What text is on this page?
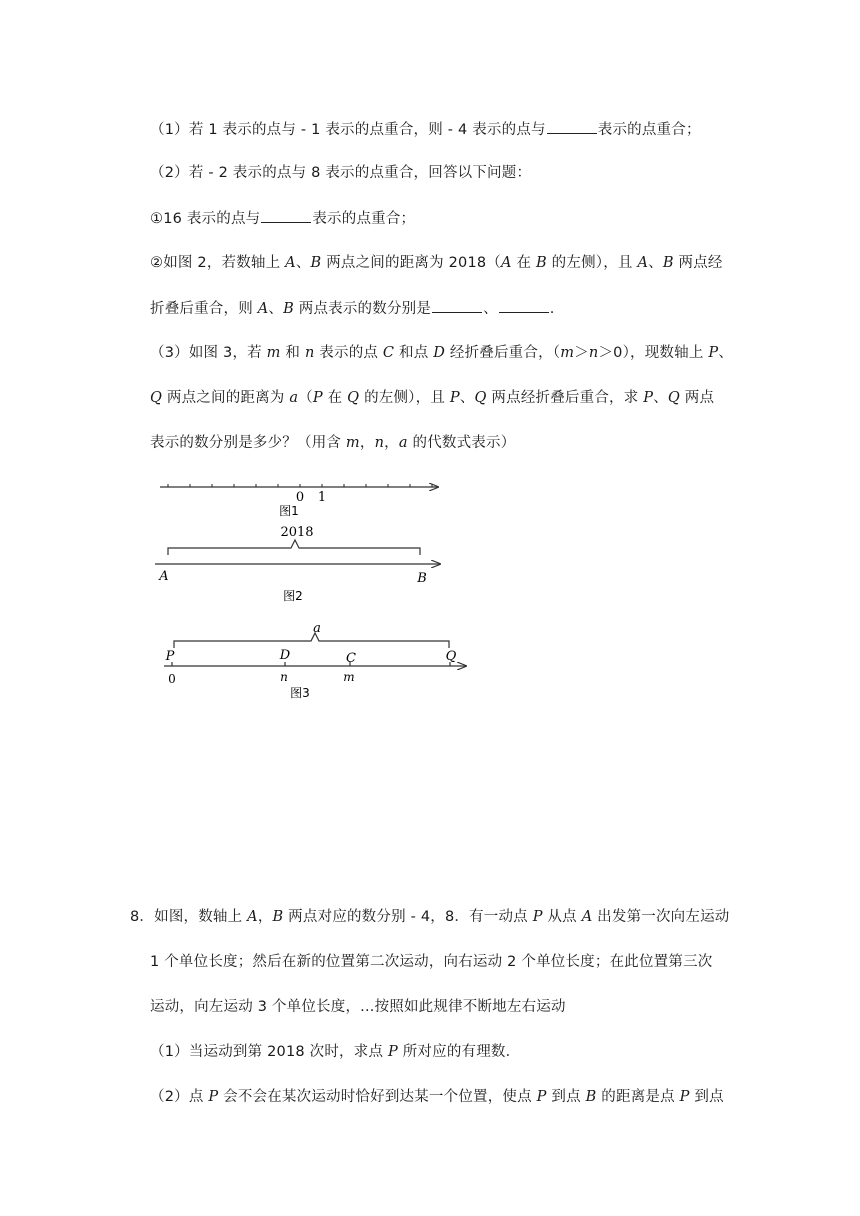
（1）若 1 表示的点与 - 1 表示的点重合，则 - 4 表示的点与	表示的点重合；
（2）若 - 2 表示的点与 8 表示的点重合，回答以下问题：
①16 表示的点与	表示的点重合；
②如图 2，若数轴上 A、B 两点之间的距离为 2018（A 在 B 的左侧），且 A、B 两点经
折叠后重合，则 A、B 两点表示的数分别是	、	.
（3）如图 3，若 m 和 n 表示的点 C 和点 D 经折叠后重合，（m＞n＞0），现数轴上 P、
Q 两点之间的距离为 a（P 在 Q 的左侧），且 P、Q 两点经折叠后重合，求 P、Q 两点
表示的数分别是多少？（用含 m，n，a 的代数式表示）
0 1
图1
2018
A	B
图2
a
P	D	C	Q
0	n	m
图3
8．如图，数轴上 A，B 两点对应的数分别 - 4，8．有一动点 P 从点 A 出发第一次向左运动
1 个单位长度；然后在新的位置第二次运动，向右运动 2 个单位长度；在此位置第三次
运动，向左运动 3 个单位长度，...按照如此规律不断地左右运动
（1）当运动到第 2018 次时，求点 P 所对应的有理数．
（2）点 P 会不会在某次运动时恰好到达某一个位置，使点 P 到点 B 的距离是点 P 到点
